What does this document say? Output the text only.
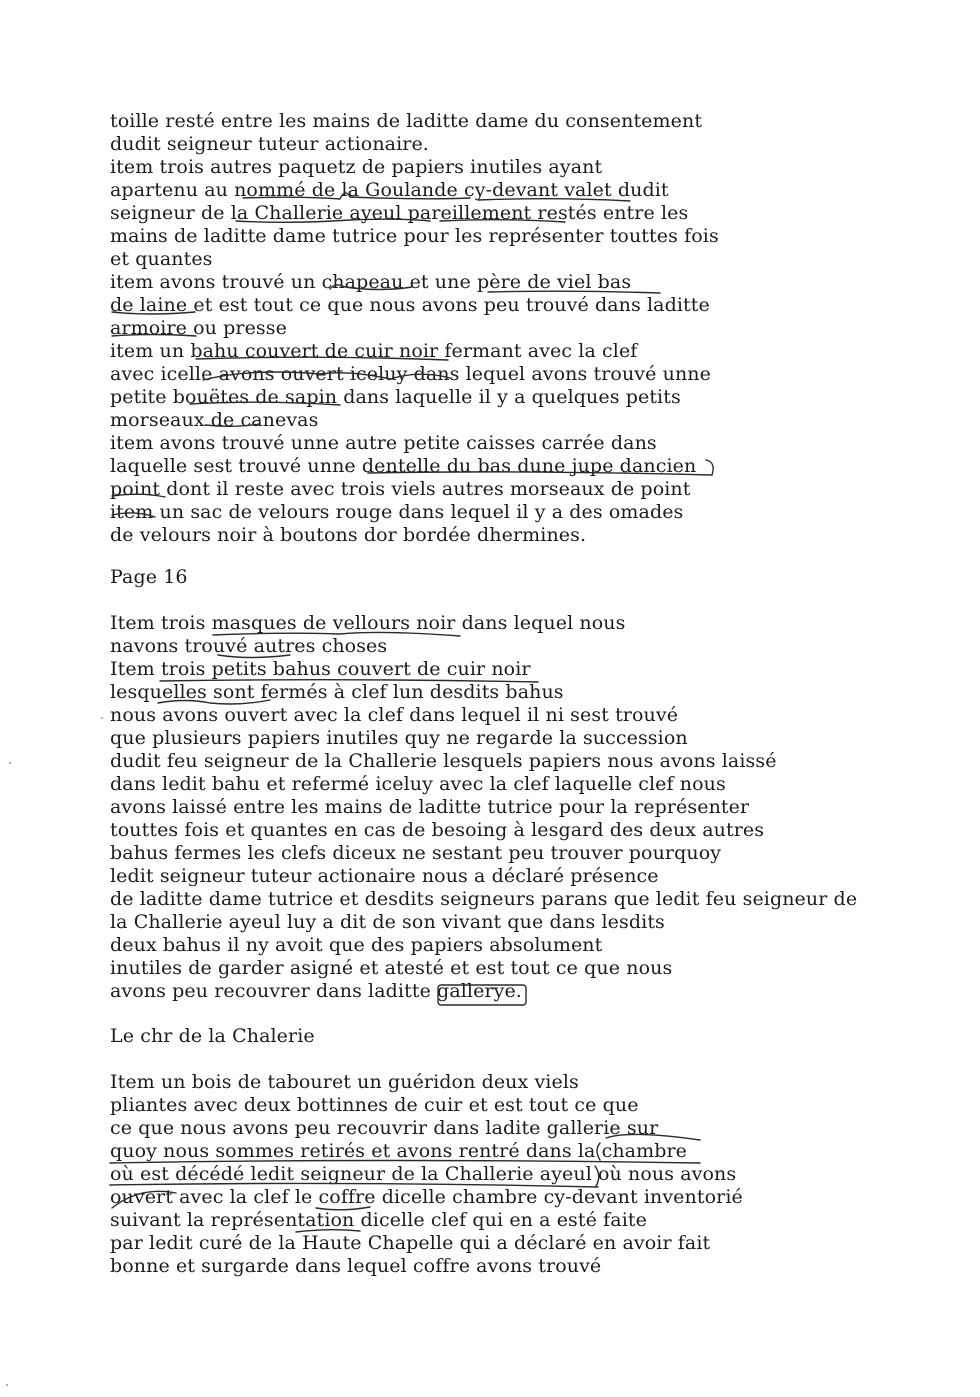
toille resté entre les mains de laditte dame du consentement
dudit seigneur tuteur actionaire.
item trois autres paquetz de papiers inutiles ayant
apartenu au nommé de la Goulande cy-devant valet dudit
seigneur de la Challerie ayeul pareillement restés entre les
mains de laditte dame tutrice pour les représenter touttes fois
et quantes
item avons trouvé un chapeau et une père de viel bas
de laine et est tout ce que nous avons peu trouvé dans laditte
armoire ou presse
item un bahu couvert de cuir noir fermant avec la clef
avec icelle avons ouvert iceluy dans lequel avons trouvé unne
petite bouëtes de sapin dans laquelle il y a quelques petits
morseaux de canevas
item avons trouvé unne autre petite caisses carrée dans
laquelle sest trouvé unne dentelle du bas dune jupe dancien
point dont il reste avec trois viels autres morseaux de point
item un sac de velours rouge dans lequel il y a des omades
de velours noir à boutons dor bordée dhermines.
Page 16
Item trois masques de vellours noir dans lequel nous
navons trouvé autres choses
Item trois petits bahus couvert de cuir noir
lesquelles sont fermés à clef lun desdits bahus
nous avons ouvert avec la clef dans lequel il ni sest trouvé
que plusieurs papiers inutiles quy ne regarde la succession
dudit feu seigneur de la Challerie lesquels papiers nous avons laissé
dans ledit bahu et refermé iceluy avec la clef laquelle clef nous
avons laissé entre les mains de laditte tutrice pour la représenter
touttes fois et quantes en cas de besoing à lesgard des deux autres
bahus fermes les clefs diceux ne sestant peu trouver pourquoy
ledit seigneur tuteur actionaire nous a déclaré présence
de laditte dame tutrice et desdits seigneurs parans que ledit feu seigneur de
la Challerie ayeul luy a dit de son vivant que dans lesdits
deux bahus il ny avoit que des papiers absolument
inutiles de garder asigné et atesté et est tout ce que nous
avons peu recouvrer dans laditte gallerye.
Le chr de la Chalerie
Item un bois de tabouret un guéridon deux viels
pliantes avec deux bottinnes de cuir et est tout ce que
ce que nous avons peu recouvrir dans ladite gallerie sur
quoy nous sommes retirés et avons rentré dans la chambre
où est décédé ledit seigneur de la Challerie ayeul où nous avons
ouvert avec la clef le coffre dicelle chambre cy-devant inventorié
suivant la représentation dicelle clef qui en a esté faite
par ledit curé de la Haute Chapelle qui a déclaré en avoir fait
bonne et surgarde dans lequel coffre avons trouvé
